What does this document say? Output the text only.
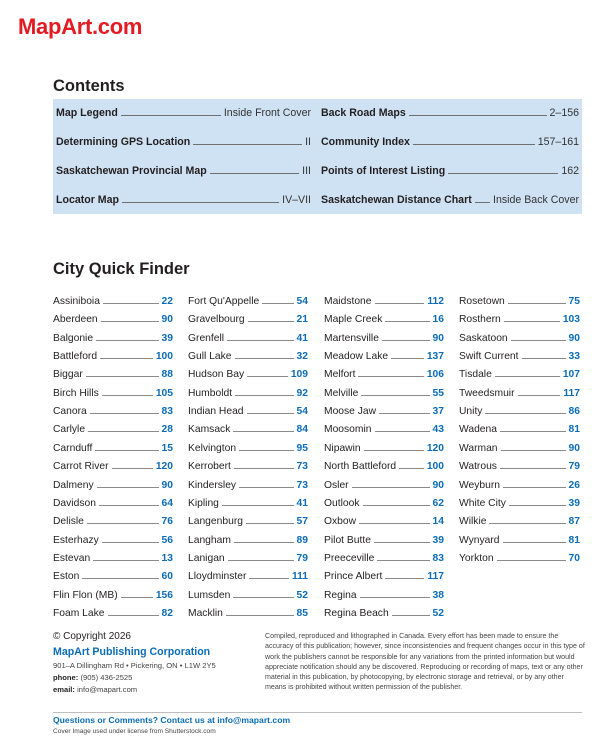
MapArt.com
Contents
Map Legend	Inside Front Cover
Determining GPS Location	II
Saskatchewan Provincial Map	III
Locator Map	IV–VII
Back Road Maps	2–156
Community Index	157–161
Points of Interest Listing	162
Saskatchewan Distance Chart Inside Back Cover
City Quick Finder
Assiniboia	22
Aberdeen	90
Balgonie	39
Battleford	100
Biggar	88
Birch Hills	105
Canora	83
Carlyle	28
Carnduff	15
Carrot River	120
Dalmeny	90
Davidson	64
Delisle	76
Esterhazy	56
Estevan	13
Eston	60
Flin Flon (MB)	156
Foam Lake	82
Fort Qu'Appelle	54
Gravelbourg	21
Grenfell	41
Gull Lake	32
Hudson Bay	109
Humboldt	92
Indian Head	54
Kamsack	84
Kelvington	95
Kerrobert	73
Kindersley	73
Kipling	41
Langenburg	57
Langham	89
Lanigan	79
Lloydminster	111
Lumsden	52
Macklin	85
Maidstone	112
Maple Creek	16
Martensville	90
Meadow Lake	137
Melfort	106
Melville	55
Moose Jaw	37
Moosomin	43
Nipawin	120
North Battleford	100
Osler	90
Outlook	62
Oxbow	14
Pilot Butte	39
Preeceville	83
Prince Albert	117
Regina	38
Regina Beach	52
Rosetown	75
Rosthern	103
Saskatoon	90
Swift Current	33
Tisdale	107
Tweedsmuir	117
Unity	86
Wadena	81
Warman	90
Watrous	79
Weyburn	26
White City	39
Wilkie	87
Wynyard	81
Yorkton	70
© Copyright 2026
MapArt Publishing Corporation
901–A Dillingham Rd • Pickering, ON • L1W 2Y5
phone: (905) 436-2525
email: info@mapart.com
Compiled, reproduced and lithographed in Canada. Every effort has been made to ensure the accuracy of this publication; however, since inconsistencies and frequent changes occur in this type of work the publishers cannot be responsible for any variations from the printed information but would appreciate notification should any be discovered. Reproducing or recording of maps, text or any other material in this publication, by photocopying, by electronic storage and retrieval, or by any other means is prohibited without written permission of the publisher.
Questions or Comments? Contact us at info@mapart.com
Cover Image used under license from Shutterstock.com
